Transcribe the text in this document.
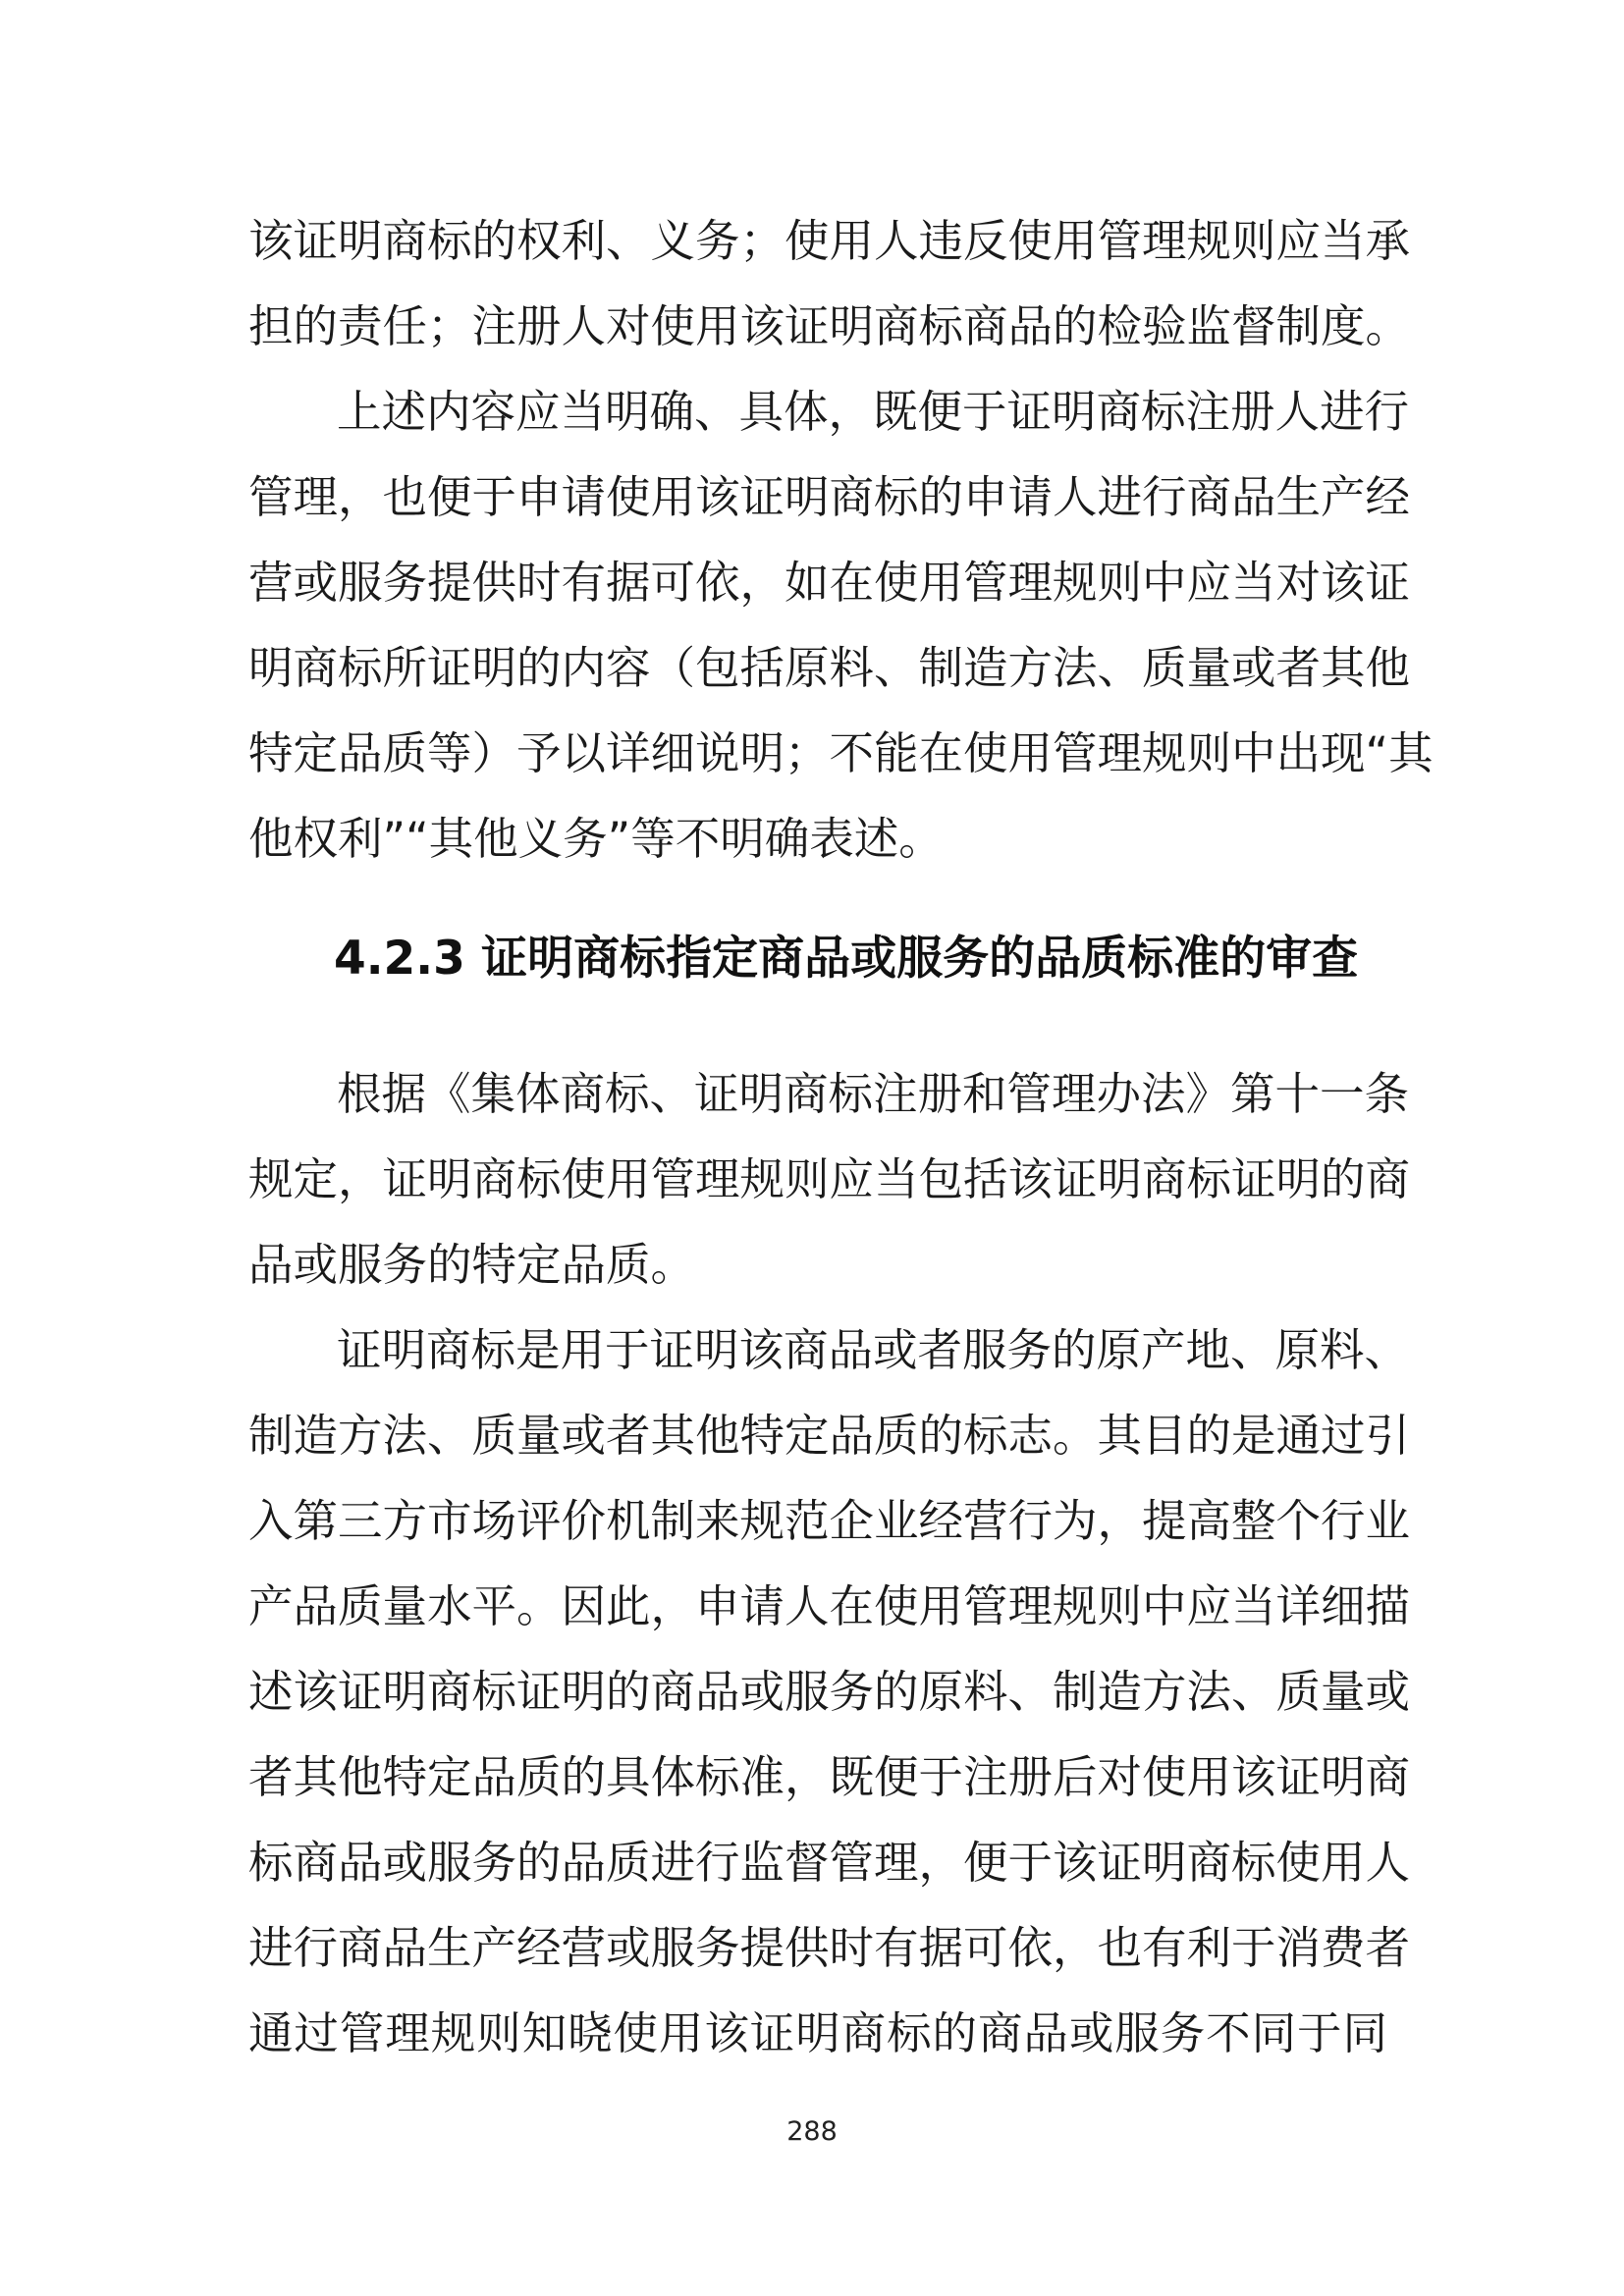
该证明商标的权利、义务；使用人违反使用管理规则应当承
担的责任；注册人对使用该证明商标商品的检验监督制度。
上述内容应当明确、具体，既便于证明商标注册人进行
管理，也便于申请使用该证明商标的申请人进行商品生产经
营或服务提供时有据可依，如在使用管理规则中应当对该证
明商标所证明的内容（包括原料、制造方法、质量或者其他
特定品质等）予以详细说明；不能在使用管理规则中出现“其
他权利”“其他义务”等不明确表述。
4.2.3 证明商标指定商品或服务的品质标准的审查
根据《集体商标、证明商标注册和管理办法》第十一条
规定，证明商标使用管理规则应当包括该证明商标证明的商
品或服务的特定品质。
证明商标是用于证明该商品或者服务的原产地、原料、
制造方法、质量或者其他特定品质的标志。其目的是通过引
入第三方市场评价机制来规范企业经营行为，提高整个行业
产品质量水平。因此，申请人在使用管理规则中应当详细描
述该证明商标证明的商品或服务的原料、制造方法、质量或
者其他特定品质的具体标准，既便于注册后对使用该证明商
标商品或服务的品质进行监督管理，便于该证明商标使用人
进行商品生产经营或服务提供时有据可依，也有利于消费者
通过管理规则知晓使用该证明商标的商品或服务不同于同
288
